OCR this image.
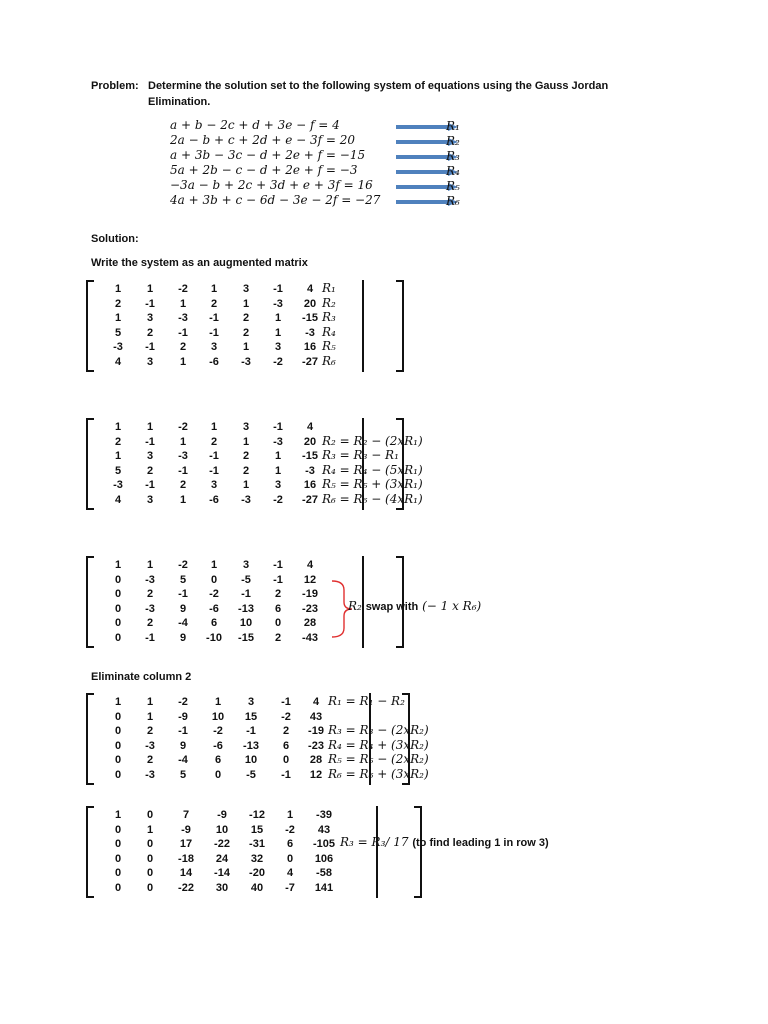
Problem: Determine the solution set to the following system of equations using the Gauss Jordan
Elimination.
a + b − 2c + d + 3e − f = 4
2a − b + c + 2d + e − 3f = 20
a + 3b − 3c − d + 2e + f = −15
5a + 2b − c − d + 2e + f = −3
−3a − b + 2c + 3d + e + 3f = 16
4a + 3b + c − 6d − 3e − 2f = −27
R₁
R₂
R₃
R₄
R₅
R₆
Solution:
Write the system as an augmented matrix
Eliminate column 2
1	1	-2	1	3	-1	4 R₁
2	-1	1	2	1	-3	20 R₂
1	3	-3	-1	2	1	-15 R₃
5	2	-1	-1	2	1	-3 R₄
-3	-1	2	3	1	3	16 R₅
4	3	1	-6	-3	-2	-27 R₆
1	1	-2	1	3	-1	4
2	-1	1	2	1	-3	20 R₂ = R₂ − (2xR₁)
1	3	-3	-1	2	1	-15 R₃ = R₃ − R₁
5	2	-1	-1	2	1	-3 R₄ = R₄ − (5xR₁)
-3	-1	2	3	1	3	16 R₅ = R₅ + (3xR₁)
4	3	1	-6	-3	-2	-27 R₆ = R₆ − (4xR₁)
R₂ swap with (− 1 x R₆)
1	1	-2	1	3	-1	4
0	-3	5	0	-5	-1	12
0	2	-1	-2	-1	2	-19
0	-3	9	-6	-13	6	-23
0	2	-4	6	10	0	28
0	-1	9	-10	-15	2	-43
1	1	-2	1	3	-1	4 R₁ = R₁ − R₂
0	1	-9	10	15	-2	43
0	2	-1	-2	-1	2	-19 R₃ = R₃ − (2xR₂)
0	-3	9	-6	-13	6	-23 R₄ = R₄ + (3xR₂)
0	2	-4	6	10	0	28 R₅ = R₅ − (2xR₂)
0	-3	5	0	-5	-1	12 R₆ = R₆ + (3xR₂)
R₃ = R₃/ 17 (to find leading 1 in row 3)
1	0	7	-9	-12	1	-39
0	1	-9	10	15	-2	43
0	0	17	-22	-31	6	-105
0	0	-18	24	32	0	106
0	0	14	-14	-20	4	-58
0	0	-22	30	40	-7	141
